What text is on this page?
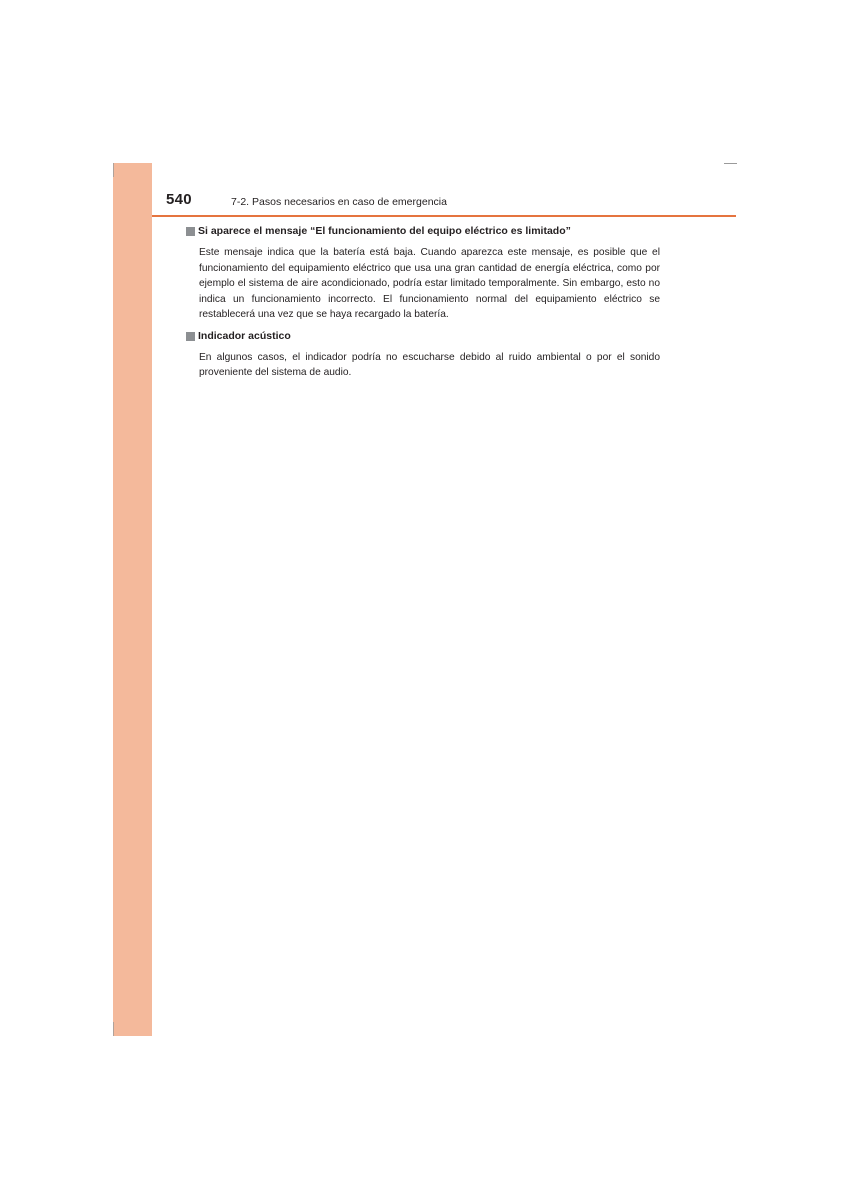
540	7-2. Pasos necesarios en caso de emergencia
Si aparece el mensaje “El funcionamiento del equipo eléctrico es limitado”
Este mensaje indica que la batería está baja. Cuando aparezca este mensaje, es posible que el funcionamiento del equipamiento eléctrico que usa una gran cantidad de energía eléctrica, como por ejemplo el sistema de aire acondicionado, podría estar limitado temporalmente. Sin embargo, esto no indica un funcionamiento incorrecto. El funcionamiento normal del equipamiento eléctrico se restablecerá una vez que se haya recargado la batería.
Indicador acústico
En algunos casos, el indicador podría no escucharse debido al ruido ambiental o por el sonido proveniente del sistema de audio.
